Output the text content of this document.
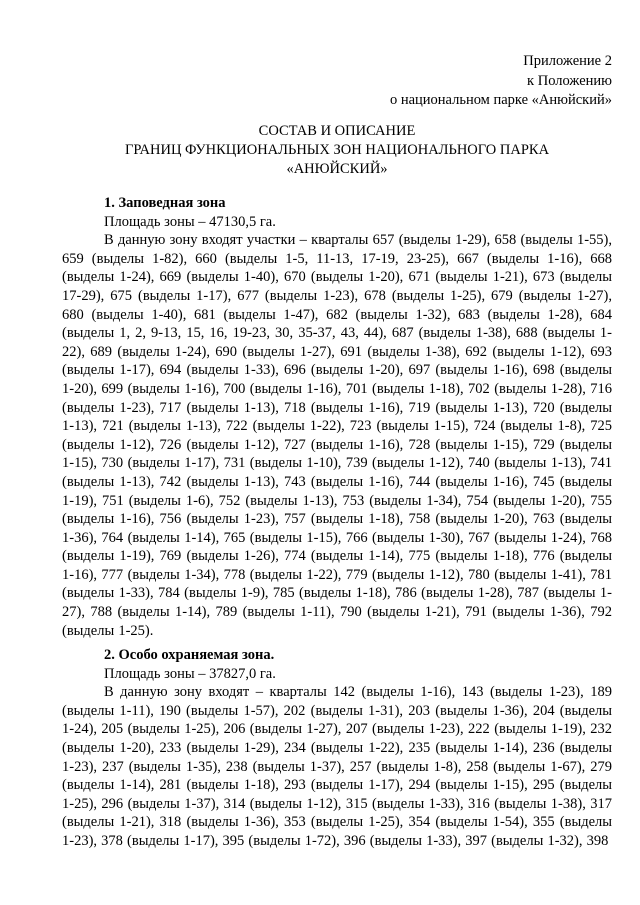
Приложение 2
к Положению
о национальном парке «Анюйский»
СОСТАВ И ОПИСАНИЕ
ГРАНИЦ ФУНКЦИОНАЛЬНЫХ ЗОН НАЦИОНАЛЬНОГО ПАРКА
«АНЮЙСКИЙ»
1. Заповедная зона
Площадь зоны – 47130,5 га.
В данную зону входят участки – кварталы 657 (выделы 1-29), 658 (выделы 1-55), 659 (выделы 1-82), 660 (выделы 1-5, 11-13, 17-19, 23-25), 667 (выделы 1-16), 668 (выделы 1-24), 669 (выделы 1-40), 670 (выделы 1-20), 671 (выделы 1-21), 673 (выделы 17-29), 675 (выделы 1-17), 677 (выделы 1-23), 678 (выделы 1-25), 679 (выделы 1-27), 680 (выделы 1-40), 681 (выделы 1-47), 682 (выделы 1-32), 683 (выделы 1-28), 684 (выделы 1, 2, 9-13, 15, 16, 19-23, 30, 35-37, 43, 44), 687 (выделы 1-38), 688 (выделы 1-22), 689 (выделы 1-24), 690 (выделы 1-27), 691 (выделы 1-38), 692 (выделы 1-12), 693 (выделы 1-17), 694 (выделы 1-33), 696 (выделы 1-20), 697 (выделы 1-16), 698 (выделы 1-20), 699 (выделы 1-16), 700 (выделы 1-16), 701 (выделы 1-18), 702 (выделы 1-28), 716 (выделы 1-23), 717 (выделы 1-13), 718 (выделы 1-16), 719 (выделы 1-13), 720 (выделы 1-13), 721 (выделы 1-13), 722 (выделы 1-22), 723 (выделы 1-15), 724 (выделы 1-8), 725 (выделы 1-12), 726 (выделы 1-12), 727 (выделы 1-16), 728 (выделы 1-15), 729 (выделы 1-15), 730 (выделы 1-17), 731 (выделы 1-10), 739 (выделы 1-12), 740 (выделы 1-13), 741 (выделы 1-13), 742 (выделы 1-13), 743 (выделы 1-16), 744 (выделы 1-16), 745 (выделы 1-19), 751 (выделы 1-6), 752 (выделы 1-13), 753 (выделы 1-34), 754 (выделы 1-20), 755 (выделы 1-16), 756 (выделы 1-23), 757 (выделы 1-18), 758 (выделы 1-20), 763 (выделы 1-36), 764 (выделы 1-14), 765 (выделы 1-15), 766 (выделы 1-30), 767 (выделы 1-24), 768 (выделы 1-19), 769 (выделы 1-26), 774 (выделы 1-14), 775 (выделы 1-18), 776 (выделы 1-16), 777 (выделы 1-34), 778 (выделы 1-22), 779 (выделы 1-12), 780 (выделы 1-41), 781 (выделы 1-33), 784 (выделы 1-9), 785 (выделы 1-18), 786 (выделы 1-28), 787 (выделы 1-27), 788 (выделы 1-14), 789 (выделы 1-11), 790 (выделы 1-21), 791 (выделы 1-36), 792 (выделы 1-25).
2. Особо охраняемая зона.
Площадь зоны – 37827,0 га.
В данную зону входят – кварталы 142 (выделы 1-16), 143 (выделы 1-23), 189 (выделы 1-11), 190 (выделы 1-57), 202 (выделы 1-31), 203 (выделы 1-36), 204 (выделы 1-24), 205 (выделы 1-25), 206 (выделы 1-27), 207 (выделы 1-23), 222 (выделы 1-19), 232 (выделы 1-20), 233 (выделы 1-29), 234 (выделы 1-22), 235 (выделы 1-14), 236 (выделы 1-23), 237 (выделы 1-35), 238 (выделы 1-37), 257 (выделы 1-8), 258 (выделы 1-67), 279 (выделы 1-14), 281 (выделы 1-18), 293 (выделы 1-17), 294 (выделы 1-15), 295 (выделы 1-25), 296 (выделы 1-37), 314 (выделы 1-12), 315 (выделы 1-33), 316 (выделы 1-38), 317 (выделы 1-21), 318 (выделы 1-36), 353 (выделы 1-25), 354 (выделы 1-54), 355 (выделы 1-23), 378 (выделы 1-17), 395 (выделы 1-72), 396 (выделы 1-33), 397 (выделы 1-32), 398
